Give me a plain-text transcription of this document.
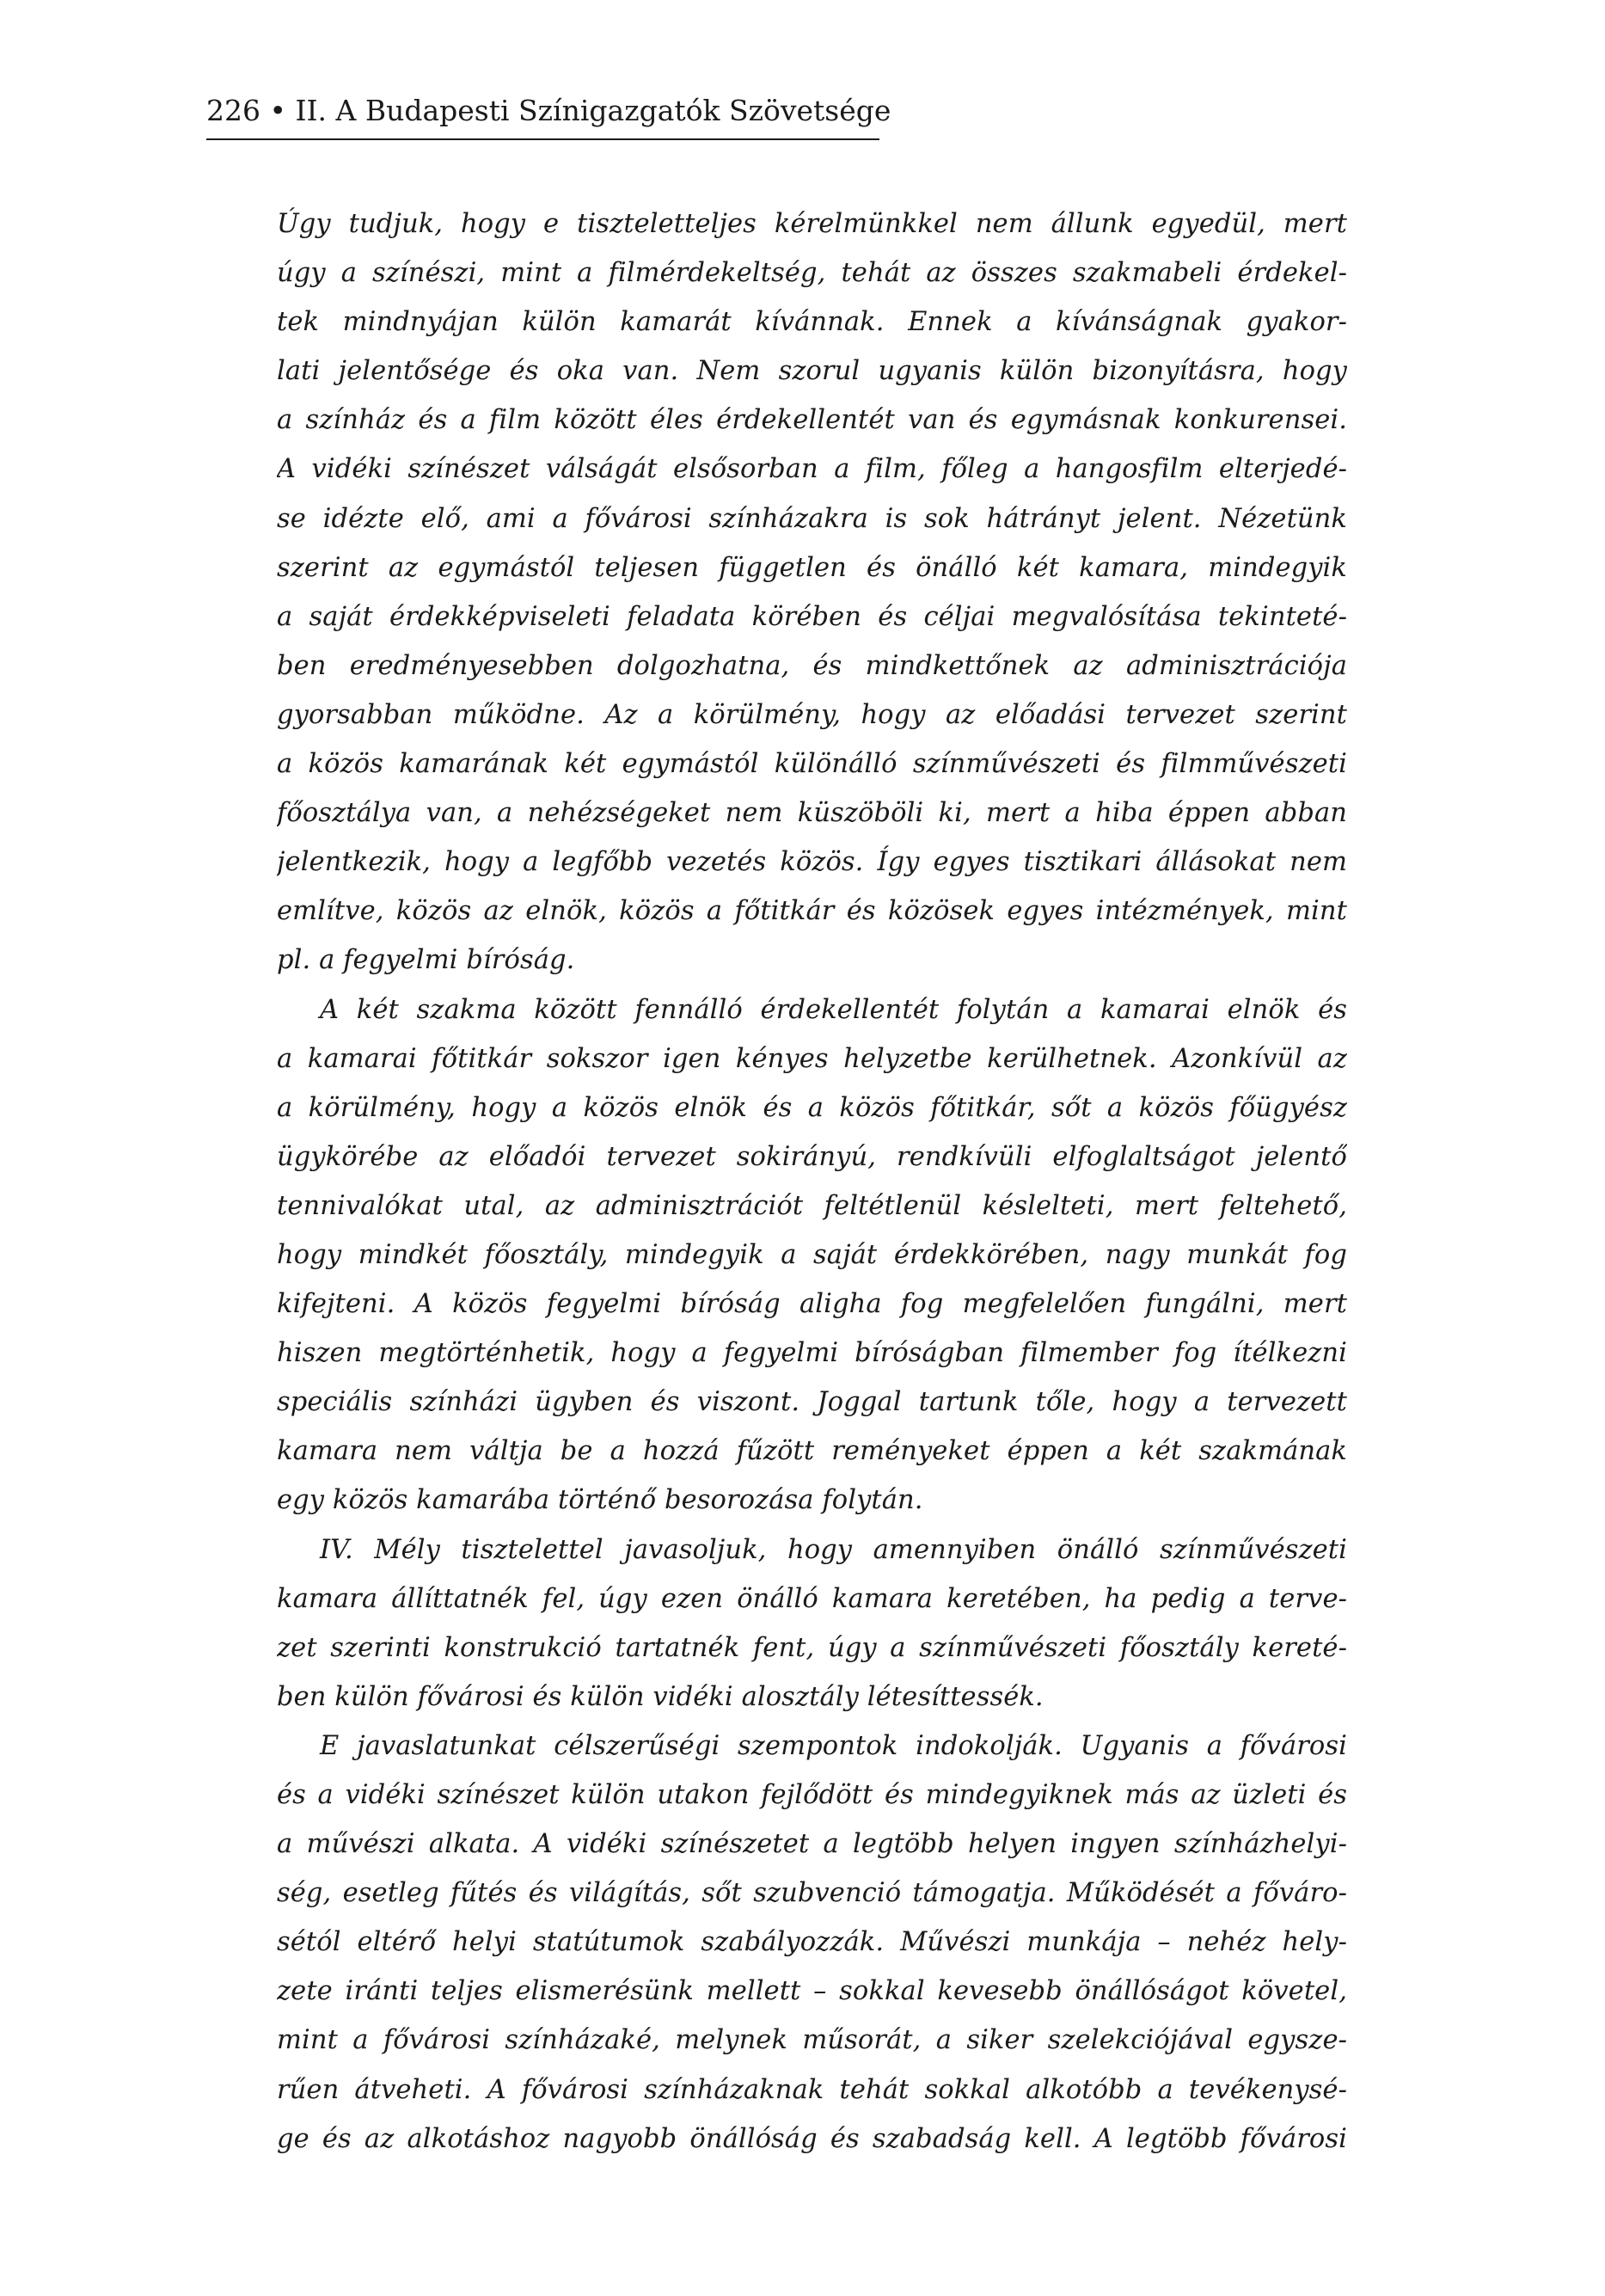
226 • II. A Budapesti Színigazgatók Szövetsége
Úgy tudjuk, hogy e tiszteletteljes kérelmünkkel nem állunk egyedül, mert
úgy a színészi, mint a filmérdekeltség, tehát az összes szakmabeli érdekel-
tek mindnyájan külön kamarát kívánnak. Ennek a kívánságnak gyakor-
lati jelentősége és oka van. Nem szorul ugyanis külön bizonyításra, hogy
a színház és a film között éles érdekellentét van és egymásnak konkurensei.
A vidéki színészet válságát elsősorban a film, főleg a hangosfilm elterjedé-
se idézte elő, ami a fővárosi színházakra is sok hátrányt jelent. Nézetünk
szerint az egymástól teljesen független és önálló két kamara, mindegyik
a saját érdekképviseleti feladata körében és céljai megvalósítása tekinteté-
ben eredményesebben dolgozhatna, és mindkettőnek az adminisztrációja
gyorsabban működne. Az a körülmény, hogy az előadási tervezet szerint
a közös kamarának két egymástól különálló színművészeti és filmművészeti
főosztálya van, a nehézségeket nem küszöböli ki, mert a hiba éppen abban
jelentkezik, hogy a legfőbb vezetés közös. Így egyes tisztikari állásokat nem
említve, közös az elnök, közös a főtitkár és közösek egyes intézmények, mint
pl. a fegyelmi bíróság.
A két szakma között fennálló érdekellentét folytán a kamarai elnök és
a kamarai főtitkár sokszor igen kényes helyzetbe kerülhetnek. Azonkívül az
a körülmény, hogy a közös elnök és a közös főtitkár, sőt a közös főügyész
ügykörébe az előadói tervezet sokirányú, rendkívüli elfoglaltságot jelentő
tennivalókat utal, az adminisztrációt feltétlenül késlelteti, mert feltehető,
hogy mindkét főosztály, mindegyik a saját érdekkörében, nagy munkát fog
kifejteni. A közös fegyelmi bíróság aligha fog megfelelően fungálni, mert
hiszen megtörténhetik, hogy a fegyelmi bíróságban filmember fog ítélkezni
speciális színházi ügyben és viszont. Joggal tartunk tőle, hogy a tervezett
kamara nem váltja be a hozzá fűzött reményeket éppen a két szakmának
egy közös kamarába történő besorozása folytán.
IV. Mély tisztelettel javasoljuk, hogy amennyiben önálló színművészeti
kamara állíttatnék fel, úgy ezen önálló kamara keretében, ha pedig a terve-
zet szerinti konstrukció tartatnék fent, úgy a színművészeti főosztály kereté-
ben külön fővárosi és külön vidéki alosztály létesíttessék.
E javaslatunkat célszerűségi szempontok indokolják. Ugyanis a fővárosi
és a vidéki színészet külön utakon fejlődött és mindegyiknek más az üzleti és
a művészi alkata. A vidéki színészetet a legtöbb helyen ingyen színházhelyi-
ség, esetleg fűtés és világítás, sőt szubvenció támogatja. Működését a főváro-
sétól eltérő helyi statútumok szabályozzák. Művészi munkája – nehéz hely-
zete iránti teljes elismerésünk mellett – sokkal kevesebb önállóságot követel,
mint a fővárosi színházaké, melynek műsorát, a siker szelekciójával egysze-
rűen átveheti. A fővárosi színházaknak tehát sokkal alkotóbb a tevékenysé-
ge és az alkotáshoz nagyobb önállóság és szabadság kell. A legtöbb fővárosi
